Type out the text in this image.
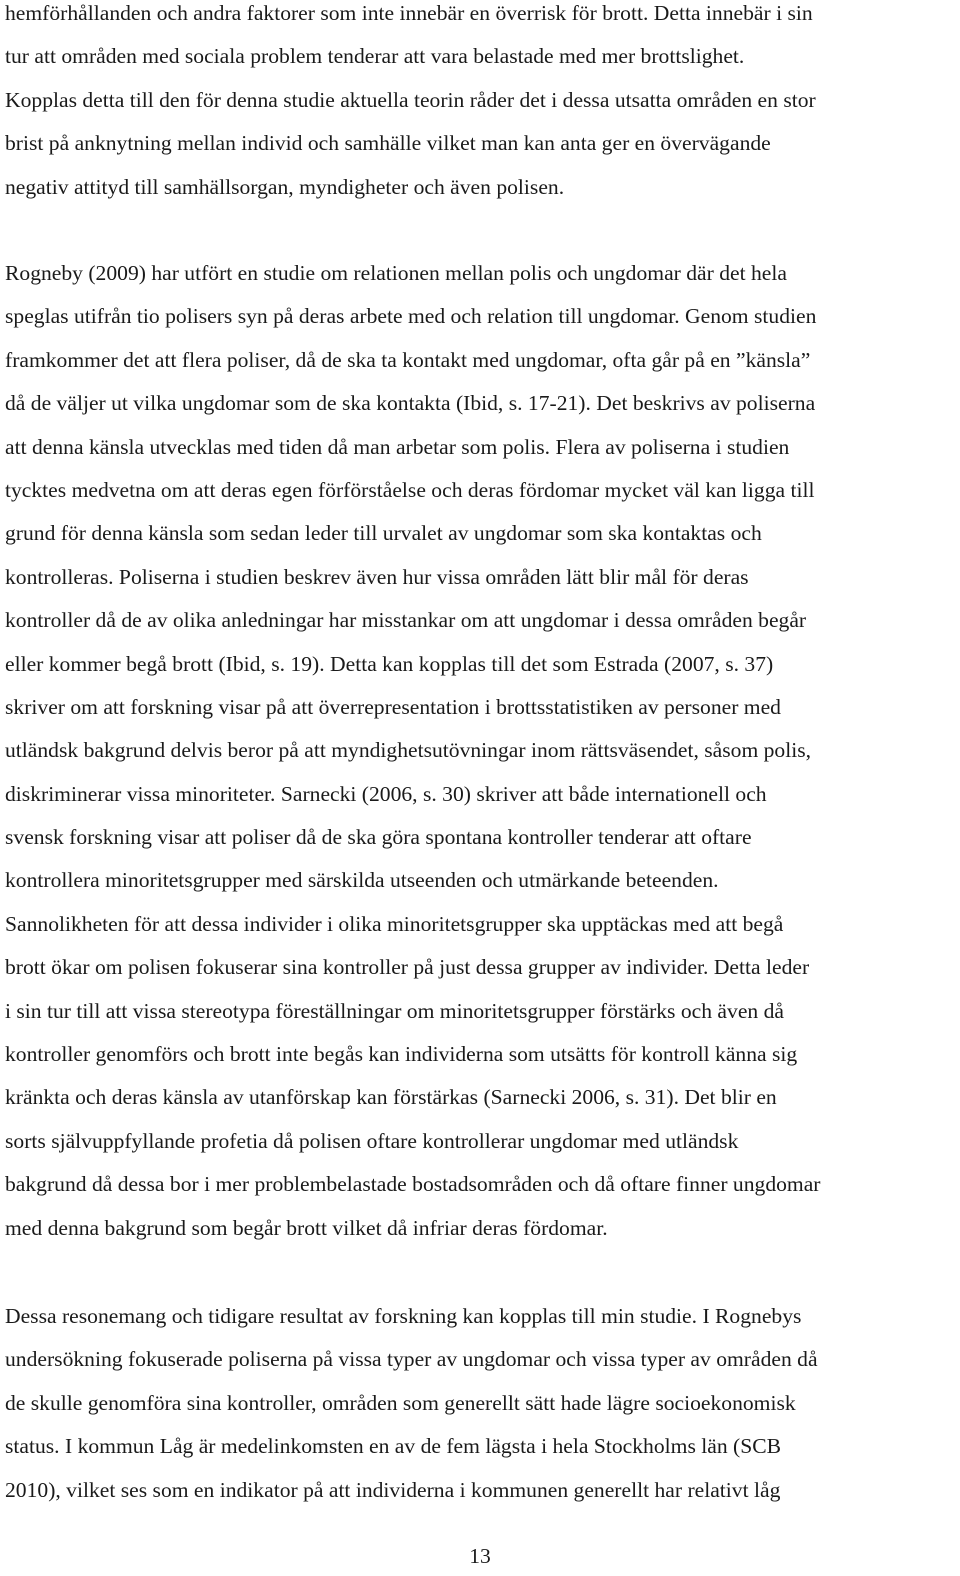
hemförhållanden och andra faktorer som inte innebär en överrisk för brott. Detta innebär i sin
tur att områden med sociala problem tenderar att vara belastade med mer brottslighet.
Kopplas detta till den för denna studie aktuella teorin råder det i dessa utsatta områden en stor
brist på anknytning mellan individ och samhälle vilket man kan anta ger en övervägande
negativ attityd till samhällsorgan, myndigheter och även polisen.
Rogneby (2009) har utfört en studie om relationen mellan polis och ungdomar där det hela
speglas utifrån tio polisers syn på deras arbete med och relation till ungdomar. Genom studien
framkommer det att flera poliser, då de ska ta kontakt med ungdomar, ofta går på en ”känsla”
då de väljer ut vilka ungdomar som de ska kontakta (Ibid, s. 17-21). Det beskrivs av poliserna
att denna känsla utvecklas med tiden då man arbetar som polis. Flera av poliserna i studien
tycktes medvetna om att deras egen förförståelse och deras fördomar mycket väl kan ligga till
grund för denna känsla som sedan leder till urvalet av ungdomar som ska kontaktas och
kontrolleras. Poliserna i studien beskrev även hur vissa områden lätt blir mål för deras
kontroller då de av olika anledningar har misstankar om att ungdomar i dessa områden begår
eller kommer begå brott (Ibid, s. 19). Detta kan kopplas till det som Estrada (2007, s. 37)
skriver om att forskning visar på att överrepresentation i brottsstatistiken av personer med
utländsk bakgrund delvis beror på att myndighetsutövningar inom rättsväsendet, såsom polis,
diskriminerar vissa minoriteter. Sarnecki (2006, s. 30) skriver att både internationell och
svensk forskning visar att poliser då de ska göra spontana kontroller tenderar att oftare
kontrollera minoritetsgrupper med särskilda utseenden och utmärkande beteenden.
Sannolikheten för att dessa individer i olika minoritetsgrupper ska upptäckas med att begå
brott ökar om polisen fokuserar sina kontroller på just dessa grupper av individer. Detta leder
i sin tur till att vissa stereotypa föreställningar om minoritetsgrupper förstärks och även då
kontroller genomförs och brott inte begås kan individerna som utsätts för kontroll känna sig
kränkta och deras känsla av utanförskap kan förstärkas (Sarnecki 2006, s. 31). Det blir en
sorts självuppfyllande profetia då polisen oftare kontrollerar ungdomar med utländsk
bakgrund då dessa bor i mer problembelastade bostadsområden och då oftare finner ungdomar
med denna bakgrund som begår brott vilket då infriar deras fördomar.
Dessa resonemang och tidigare resultat av forskning kan kopplas till min studie. I Rognebys
undersökning fokuserade poliserna på vissa typer av ungdomar och vissa typer av områden då
de skulle genomföra sina kontroller, områden som generellt sätt hade lägre socioekonomisk
status. I kommun Låg är medelinkomsten en av de fem lägsta i hela Stockholms län (SCB
2010), vilket ses som en indikator på att individerna i kommunen generellt har relativt låg
13
